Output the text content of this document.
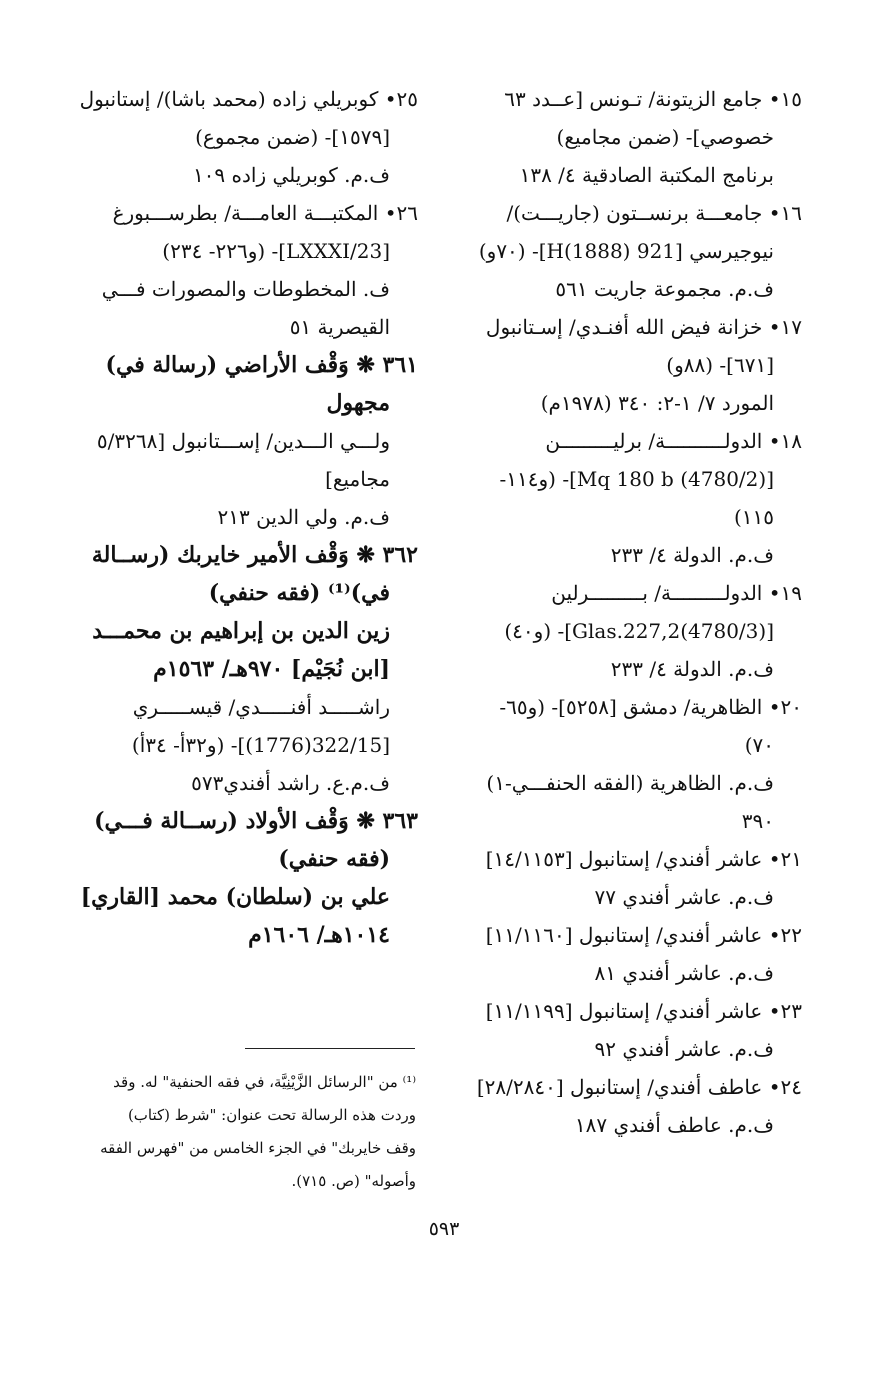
١٥• جامع الزيتونة/ تـونس [عــدد ٦٣
خصوصي]- (ضمن مجاميع)
برنامج المكتبة الصادقية ٤/ ١٣٨
١٦• جامعـــة برنســتون (جاريـــت)/
نيوجيرسي [921 H(1888)]- (٧٠و)
ف.م. مجموعة جاريت ٥٦١
١٧• خزانة فيض الله أفنـدي/ إسـتانبول
[٦٧١]- (٨٨و)
المورد ٧/ ١-٢: ٣٤٠ (١٩٧٨م)
١٨• الدولــــــــــة/ برليـــــــــن
[Mq 180 b (4780/2)]- (و١١٤-
١١٥)
ف.م. الدولة ٤/ ٢٣٣
١٩• الدولـــــــــة/ بـــــــــرلين
[Glas.227,2(4780/3)]- (و٤٠)
ف.م. الدولة ٤/ ٢٣٣
٢٠• الظاهرية/ دمشق [٥٢٥٨]- (و٦٥-
٧٠)
ف.م. الظاهرية (الفقه الحنفـــي-١)
٣٩٠
٢١• عاشر أفندي/ إستانبول [١٤/١١٥٣]
ف.م. عاشر أفندي ٧٧
٢٢• عاشر أفندي/ إستانبول [١١/١١٦٠]
ف.م. عاشر أفندي ٨١
٢٣• عاشر أفندي/ إستانبول [١١/١١٩٩]
ف.م. عاشر أفندي ٩٢
٢٤• عاطف أفندي/ إستانبول [٢٨/٢٨٤٠]
ف.م. عاطف أفندي ١٨٧
٢٥• كوبريلي زاده (محمد باشا)/ إستانبول
[١٥٧٩]- (ضمن مجموع)
ف.م. كوبريلي زاده ١٠٩
٢٦• المكتبـــة العامـــة/ بطرســـبورغ
[LXXXI/23]- (و٢٢٦- ٢٣٤)
ف. المخطوطات والمصورات فـــي
القيصرية ٥١
٣٦١ ❋ وَقْف الأراضي (رسالة في)
مجهول
ولـــي الـــدين/ إســـتانبول [٥/٣٢٦٨
مجاميع]
ف.م. ولي الدين ٢١٣
٣٦٢ ❋ وَقْف الأمير خايربك (رســالة
في)⁽¹⁾ (فقه حنفي)
زين الدين بن إبراهيم بن محمـــد
[ابن نُجَيْم] ٩٧٠هـ/ ١٥٦٣م
راشـــــد أفنـــــدي/ قيســـــري
[322/15(1776)]- (و٣٢أ- ٣٤أ)
ف.م.ع. راشد أفندي٥٧٣
٣٦٣ ❋ وَقْف الأولاد (رســالة فـــي)
(فقه حنفي)
علي بن (سلطان) محمد [القاري]
١٠١٤هـ/ ١٦٠٦م
⁽¹⁾ من "الرسائل الزَّيْنِيَّة، في فقه الحنفية" له. وقد
وردت هذه الرسالة تحت عنوان: "شرط (كتاب)
وقف خايربك" في الجزء الخامس من "فهرس الفقه
وأصوله" (ص. ٧١٥).
٥٩٣
